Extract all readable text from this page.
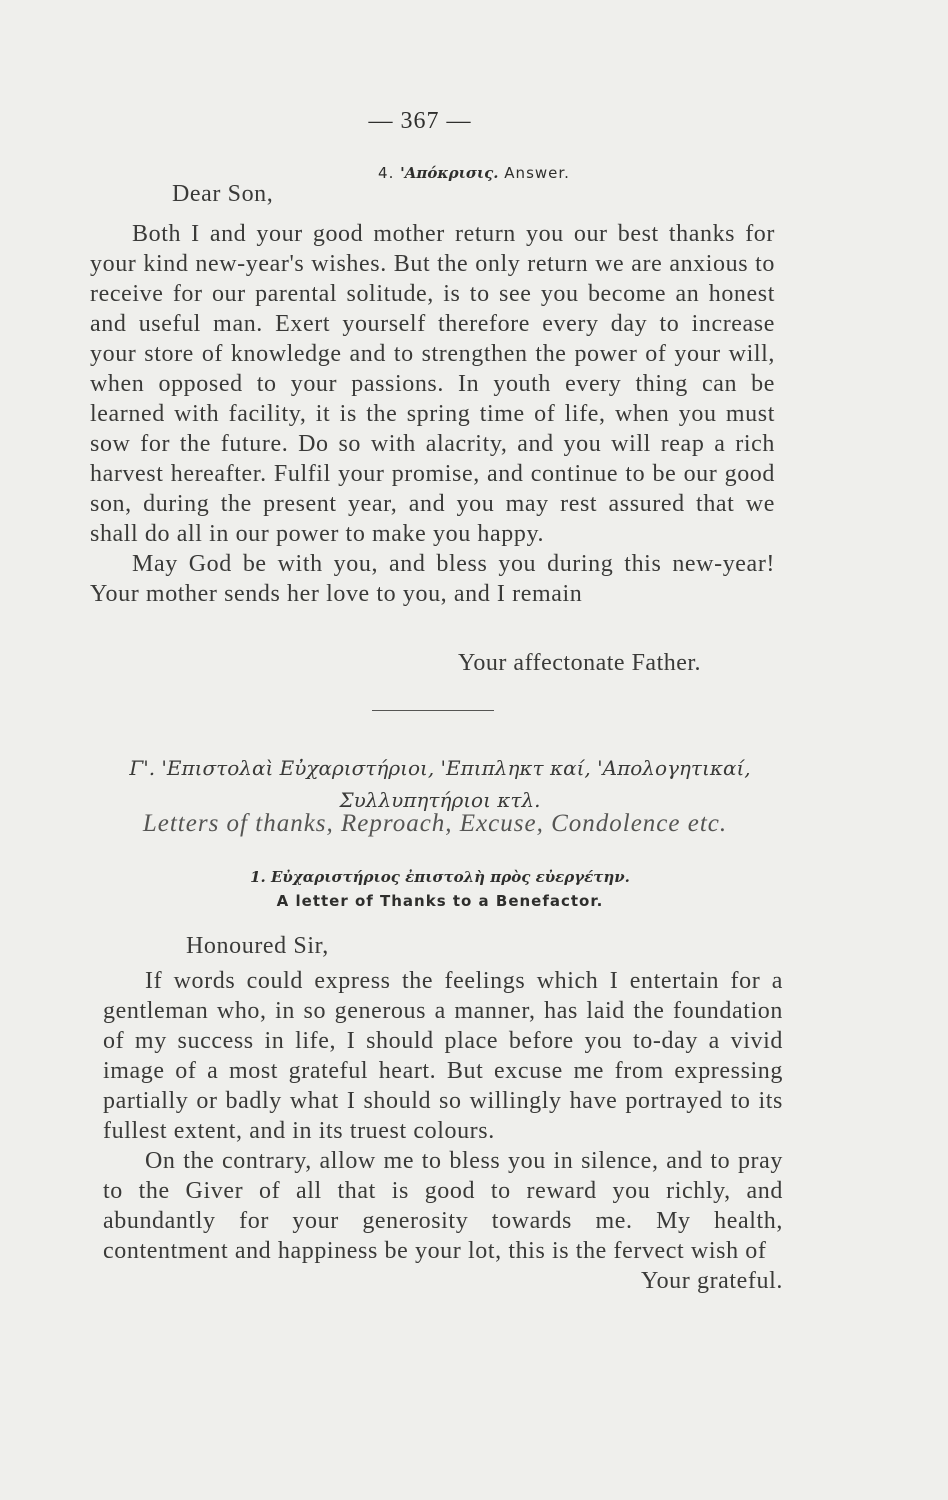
— 367 —
4. 'Απόκρισις. Answer.
Dear Son,

Both I and your good mother return you our best thanks for your kind new-year's wishes. But the only return we are anxious to receive for our parental solitude, is to see you become an honest and useful man. Exert yourself therefore every day to increase your store of knowledge and to strengthen the power of your will, when opposed to your passions. In youth every thing can be learned with facility, it is the spring time of life, when you must sow for the future. Do so with alacrity, and you will reap a rich harvest hereafter. Fulfil your promise, and continue to be our good son, during the present year, and you may rest assured that we shall do all in our power to make you happy.

May God be with you, and bless you during this new-year! Your mother sends her love to you, and I remain

Your affectonate Father.
Γ'. 'Επιστολαὶ Εὐχαριστήριοι, 'Επιπληκτ καί, 'Απολογητικαί,
Συλλυπητήριοι κτλ.
Letters of thanks, Reproach, Excuse, Condolence etc.
1. Εὐχαριστήριος ἐπιστολὴ πρὸς εὐεργέτην.
A letter of Thanks to a Benefactor.
Honoured Sir,

If words could express the feelings which I entertain for a gentleman who, in so generous a manner, has laid the foundation of my success in life, I should place before you to-day a vivid image of a most grateful heart. But excuse me from expressing partially or badly what I should so willingly have portrayed to its fullest extent, and in its truest colours.

On the contrary, allow me to bless you in silence, and to pray to the Giver of all that is good to reward you richly, and abundantly for your generosity towards me. My health, contentment and happiness be your lot, this is the fervect wish of
Your grateful.
